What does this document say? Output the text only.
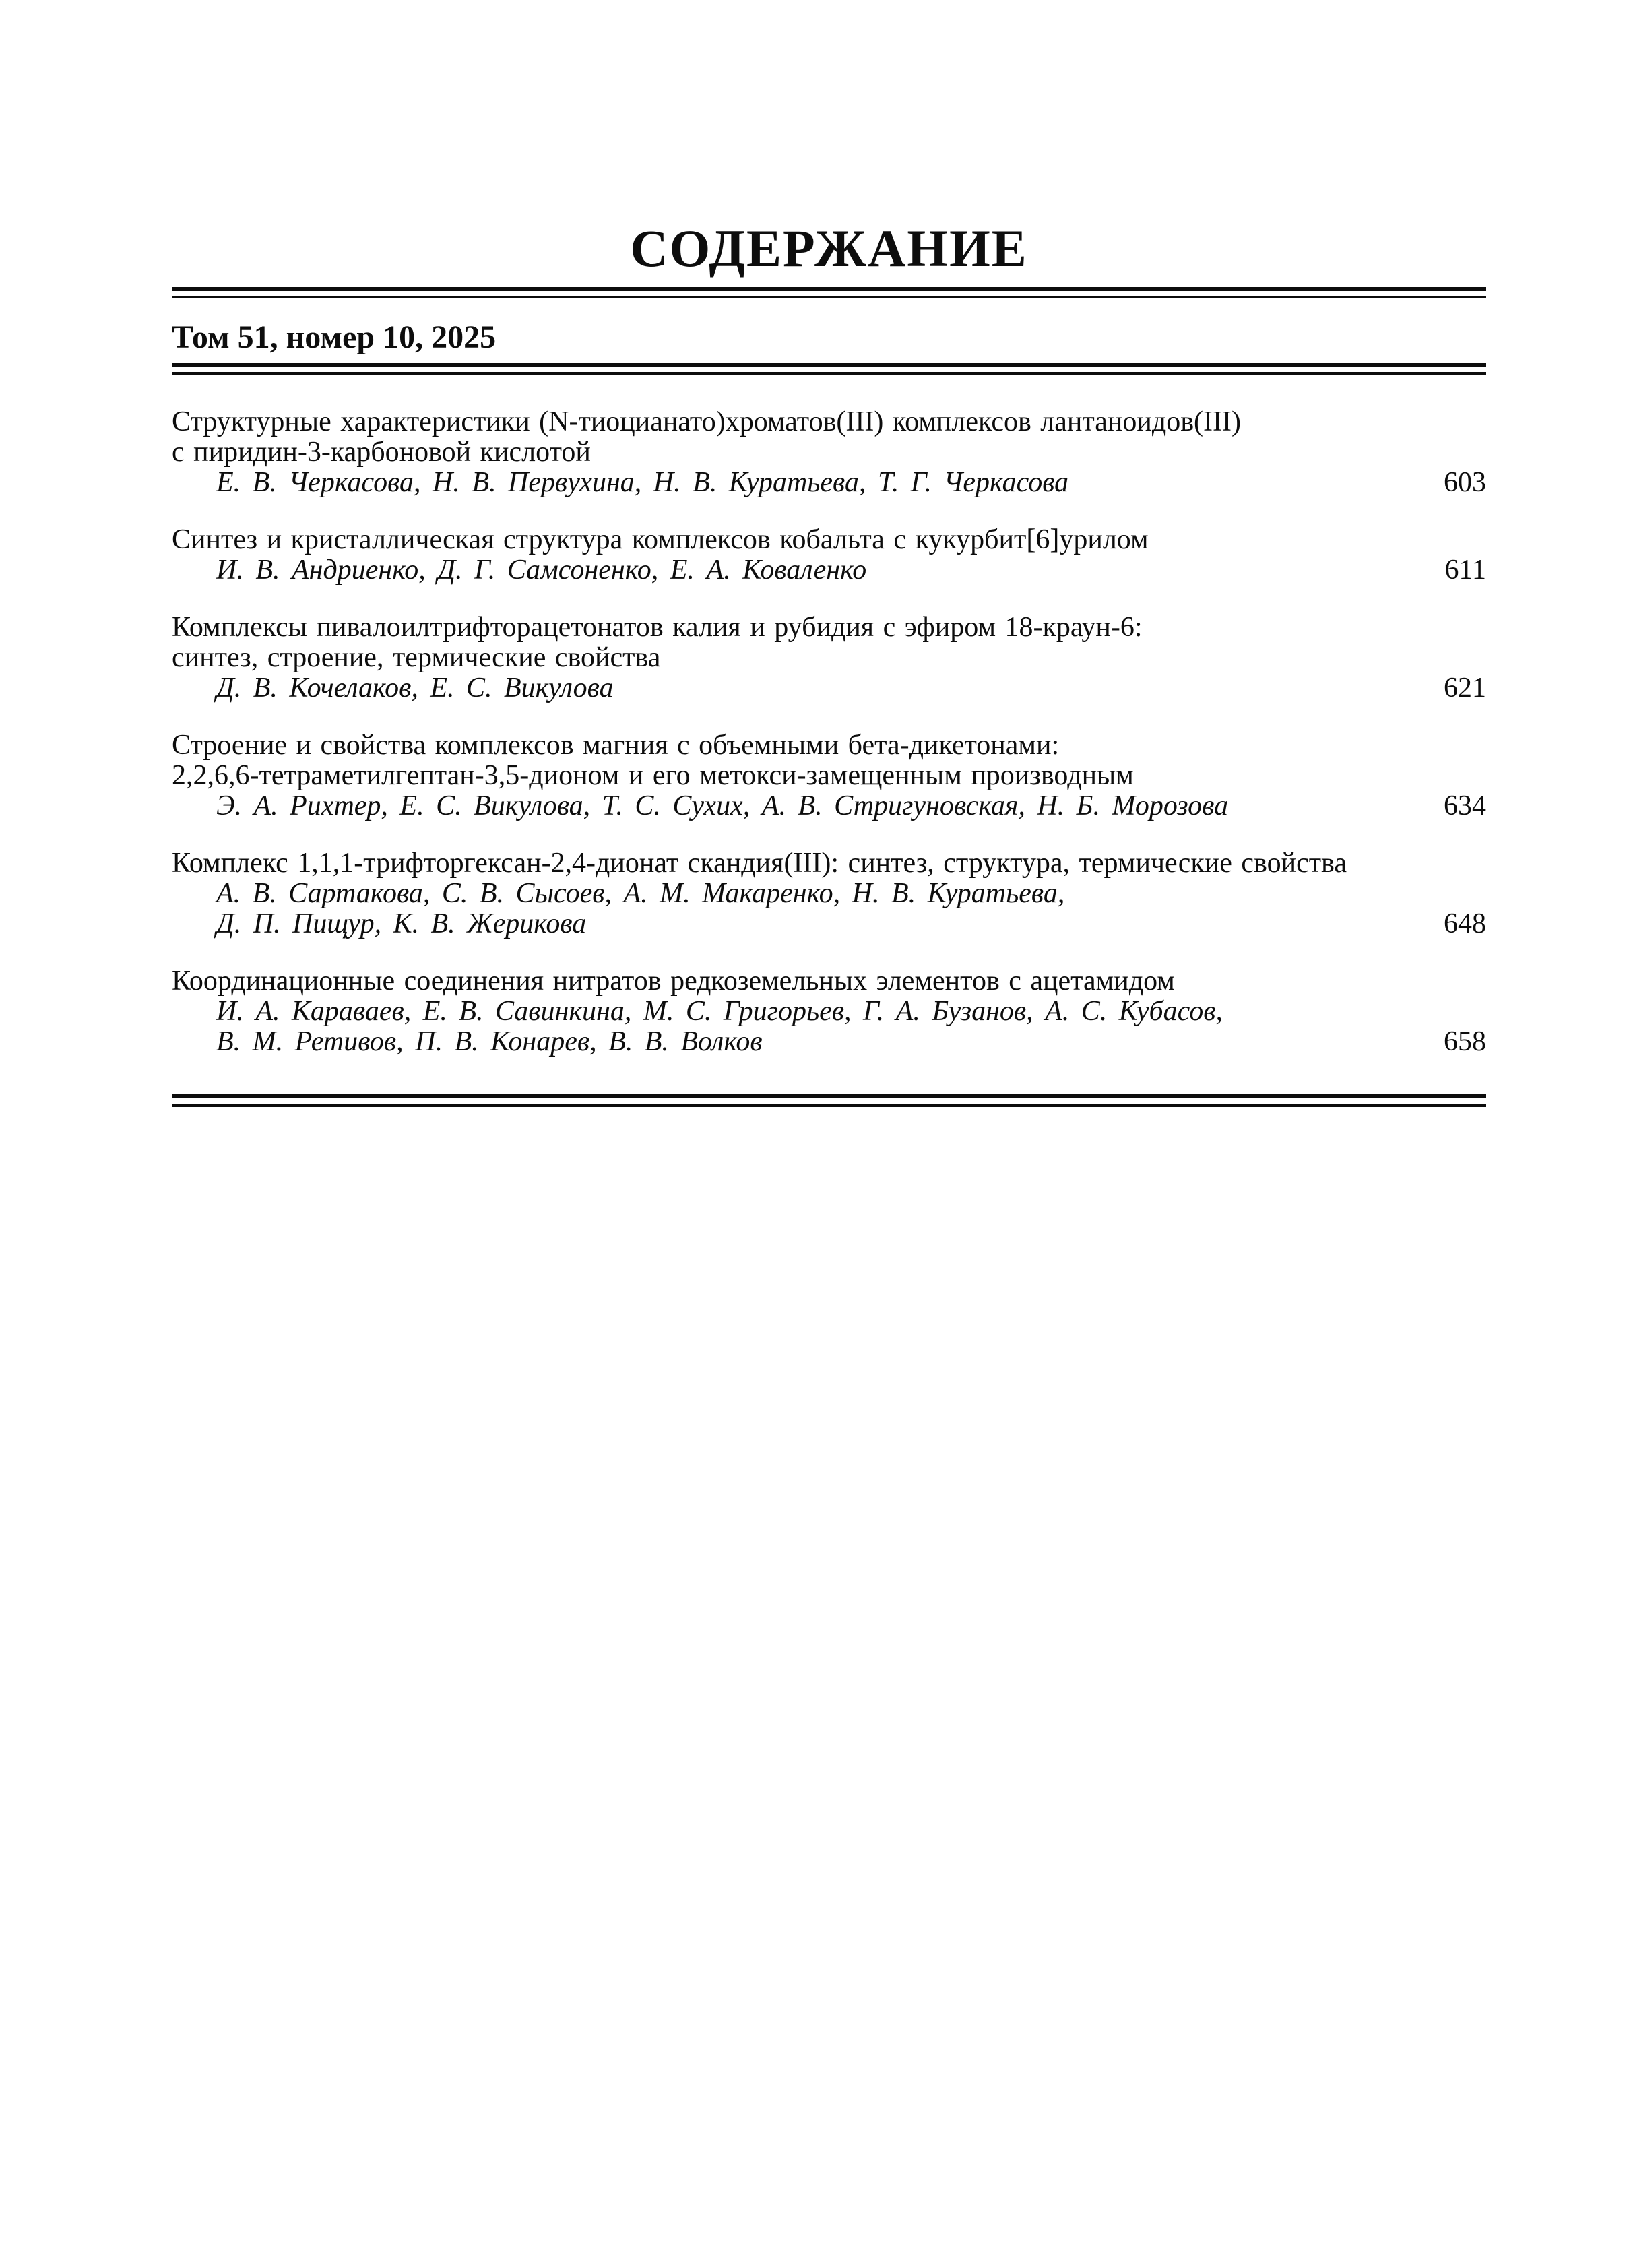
СОДЕРЖАНИЕ
Том 51, номер 10, 2025
Структурные характеристики (N-тиоцианато)хроматов(III) комплексов лантаноидов(III)
с пиридин-3-карбоновой кислотой
Е. В. Черкасова, Н. В. Первухина, Н. В. Куратьева, Т. Г. Черкасова	603
Синтез и кристаллическая структура комплексов кобальта с кукурбит[6]урилом
И. В. Андриенко, Д. Г. Самсоненко, Е. А. Коваленко	611
Комплексы пивалоилтрифторацетонатов калия и рубидия с эфиром 18-краун-6:
синтез, строение, термические свойства
Д. В. Кочелаков, Е. С. Викулова	621
Строение и свойства комплексов магния с объемными бета-дикетонами:
2,2,6,6-тетраметилгептан-3,5-дионом и его метокси-замещенным производным
Э. А. Рихтер, Е. С. Викулова, Т. С. Сухих, А. В. Стригуновская, Н. Б. Морозова	634
Комплекс 1,1,1-трифторгексан-2,4-дионат скандия(III): синтез, структура, термические свойства
А. В. Сартакова, С. В. Сысоев, А. М. Макаренко, Н. В. Куратьева,
Д. П. Пищур, К. В. Жерикова	648
Координационные соединения нитратов редкоземельных элементов с ацетамидом
И. А. Караваев, Е. В. Савинкина, М. С. Григорьев, Г. А. Бузанов, А. С. Кубасов,
В. М. Ретивов, П. В. Конарев, В. В. Волков	658
